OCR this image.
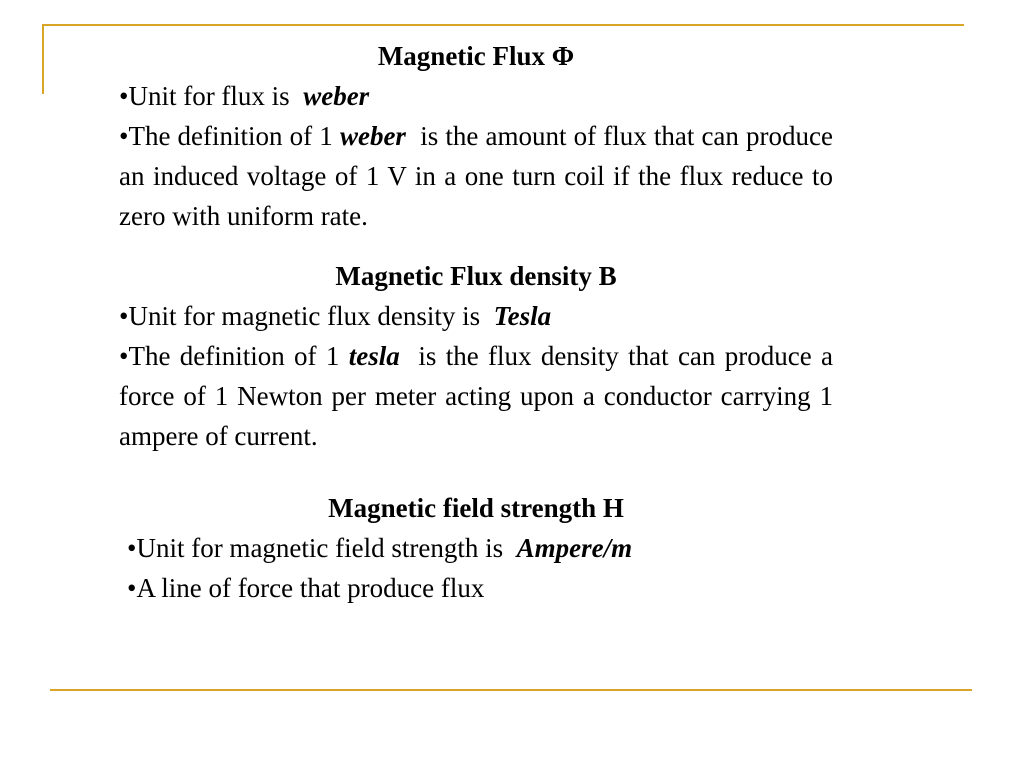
Magnetic Flux Φ

•Unit for flux is weber

•The definition of 1 weber is the amount of flux that can produce an induced voltage of 1 V in a one turn coil if the flux reduce to zero with uniform rate.

Magnetic Flux density B

•Unit for magnetic flux density is Tesla

•The definition of 1 tesla is the flux density that can produce a force of 1 Newton per meter acting upon a conductor carrying 1 ampere of current.

Magnetic field strength H

•Unit for magnetic field strength is Ampere/m

•A line of force that produce flux
